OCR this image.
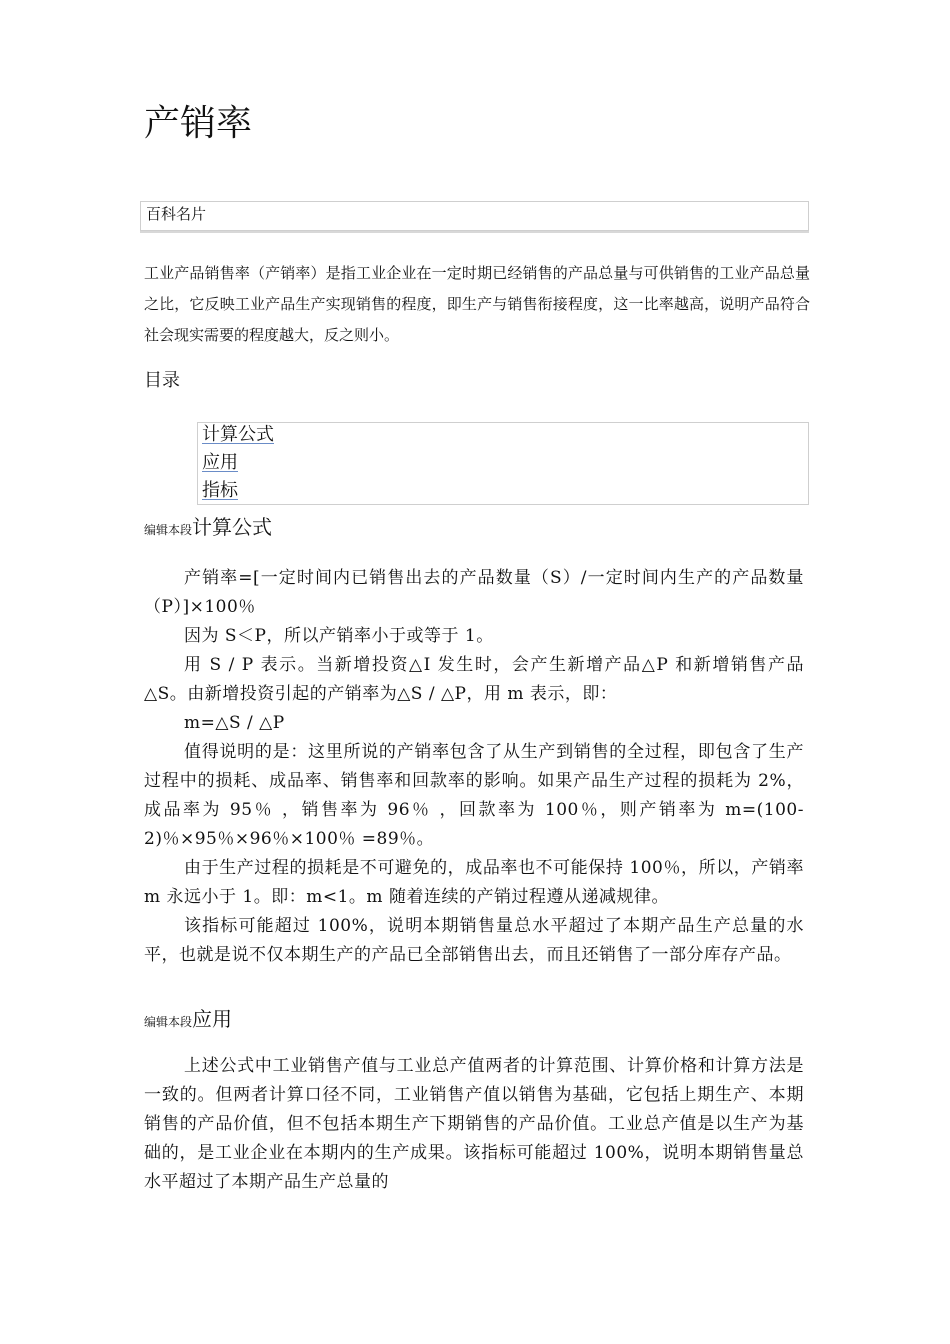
产销率
百科名片

工业产品销售率（产销率）是指工业企业在一定时期已经销售的产品总量与可供销售的工业产品总量之比，它反映工业产品生产实现销售的程度，即生产与销售衔接程度，这一比率越高，说明产品符合社会现实需要的程度越大，反之则小。

目录
计算公式
应用
指标
编辑本段计算公式

产销率=[一定时间内已销售出去的产品数量（S）/一定时间内生产的产品数量（P）]×100％

因为 S＜P，所以产销率小于或等于 1。

用 S / P 表示。当新增投资△I 发生时，会产生新增产品△P 和新增销售产品△S。由新增投资引起的产销率为△S / △P，用 m 表示，即：

m=△S / △P

值得说明的是：这里所说的产销率包含了从生产到销售的全过程，即包含了生产过程中的损耗、成品率、销售率和回款率的影响。如果产品生产过程的损耗为 2%，成品率为 95％ ，销售率为 96％ ，回款率为 100％，则产销率为 m=(100-2)％×95％×96％×100％ =89％。

由于生产过程的损耗是不可避免的，成品率也不可能保持 100％，所以，产销率 m 永远小于 1。即：m<1。m 随着连续的产销过程遵从递减规律。

该指标可能超过 100%，说明本期销售量总水平超过了本期产品生产总量的水平，也就是说不仅本期生产的产品已全部销售出去，而且还销售了一部分库存产品。

编辑本段应用

上述公式中工业销售产值与工业总产值两者的计算范围、计算价格和计算方法是一致的。但两者计算口径不同，工业销售产值以销售为基础，它包括上期生产、本期销售的产品价值，但不包括本期生产下期销售的产品价值。工业总产值是以生产为基础的，是工业企业在本期内的生产成果。该指标可能超过 100%，说明本期销售量总水平超过了本期产品生产总量的
